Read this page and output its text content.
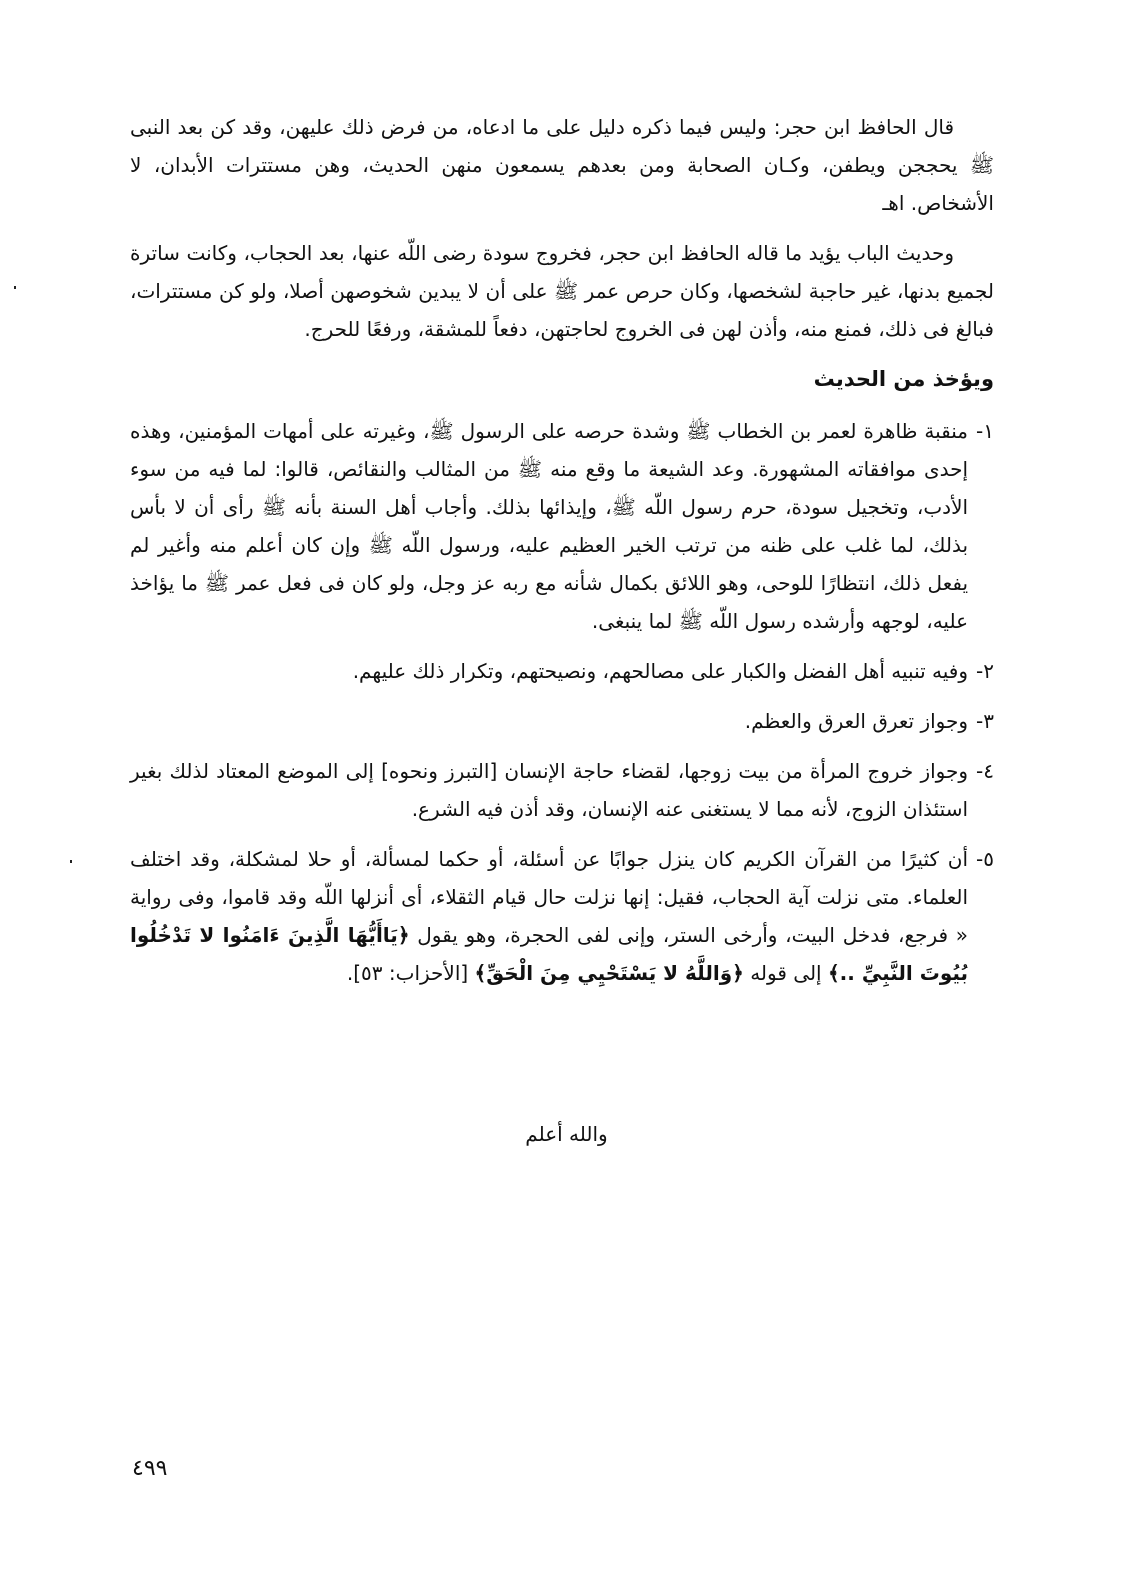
قال الحافظ ابن حجر: وليس فيما ذكره دليل على ما ادعاه، من فرض ذلك عليهن، وقد كن بعد النبى ﷺ يحججن ويطفن، وكـان الصحابة ومن بعدهم يسمعون منهن الحديث، وهن مستترات الأبدان، لا الأشخاص. اهـ

وحديث الباب يؤيد ما قاله الحافظ ابن حجر، فخروج سودة رضى اللّه عنها، بعد الحجاب، وكانت ساترة لجميع بدنها، غير حاجبة لشخصها، وكان حرص عمر ﷺ على أن لا يبدين شخوصهن أصلا، ولو كن مستترات، فبالغ فى ذلك، فمنع منه، وأذن لهن فى الخروج لحاجتهن، دفعاً للمشقة، ورفعًا للحرج.

ويؤخذ من الحديث
١-
منقبة ظاهرة لعمر بن الخطاب ﷺ وشدة حرصه على الرسول ﷺ، وغيرته على أمهات المؤمنين، وهذه إحدى موافقاته المشهورة. وعد الشيعة ما وقع منه ﷺ من المثالب والنقائص، قالوا: لما فيه من سوء الأدب، وتخجيل سودة، حرم رسول اللّه ﷺ، وإيذائها بذلك. وأجاب أهل السنة بأنه ﷺ رأى أن لا بأس بذلك، لما غلب على ظنه من ترتب الخير العظيم عليه، ورسول اللّه ﷺ وإن كان أعلم منه وأغير لم يفعل ذلك، انتظارًا للوحى، وهو اللائق بكمال شأنه مع ربه عز وجل، ولو كان فى فعل عمر ﷺ ما يؤاخذ عليه، لوجهه وأرشده رسول اللّه ﷺ لما ينبغى.
٢-
وفيه تنبيه أهل الفضل والكبار على مصالحهم، ونصيحتهم، وتكرار ذلك عليهم.
٣-
وجواز تعرق العرق والعظم.
٤-
وجواز خروج المرأة من بيت زوجها، لقضاء حاجة الإنسان [التبرز ونحوه] إلى الموضع المعتاد لذلك بغير استئذان الزوج، لأنه مما لا يستغنى عنه الإنسان، وقد أذن فيه الشرع.
٥-
أن كثيرًا من القرآن الكريم كان ينزل جوابًا عن أسئلة، أو حكما لمسألة، أو حلا لمشكلة، وقد اختلف العلماء. متى نزلت آية الحجاب، فقيل: إنها نزلت حال قيام الثقلاء، أى أنزلها اللّه وقد قاموا، وفى رواية « فرجع، فدخل البيت، وأرخى الستر، وإنى لفى الحجرة، وهو يقول ﴿يَاأَيُّهَا الَّذِينَ ءَامَنُوا لا تَدْخُلُوا بُيُوتَ النَّبِيِّ ..﴾ إلى قوله ﴿وَاللَّهُ لا يَسْتَحْيِي مِنَ الْحَقِّ﴾ [الأحزاب: ٥٣].
والله أعلم
٤٩٩
